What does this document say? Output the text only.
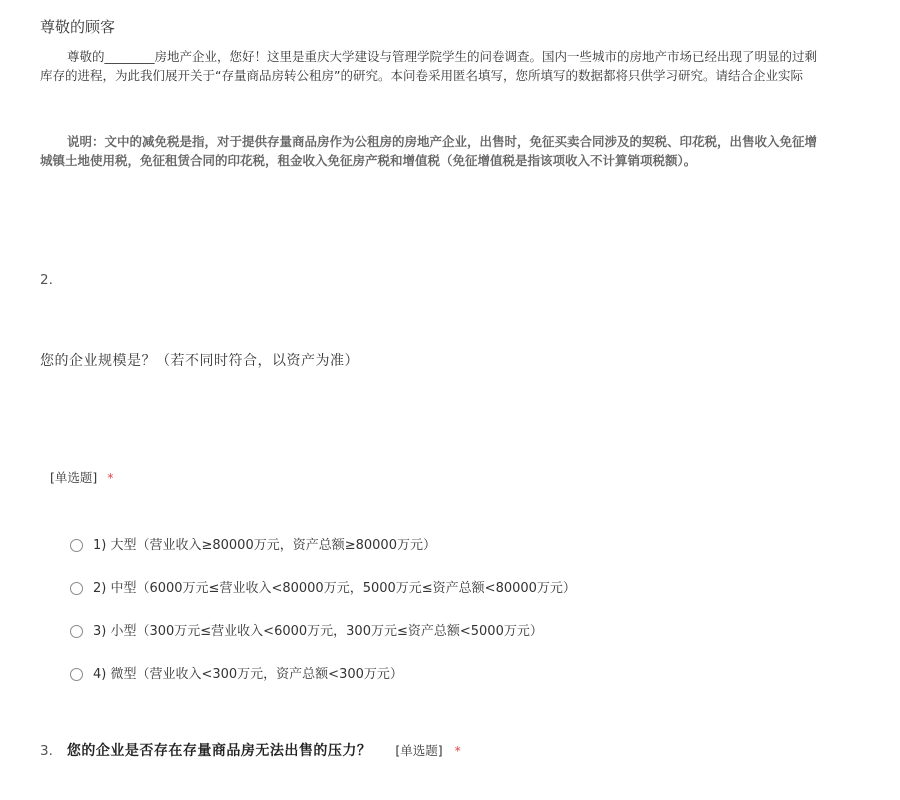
尊敬的顾客
尊敬的________房地产企业，您好！这里是重庆大学建设与管理学院学生的问卷调查。国内一些城市的房地产市场已经出现了明显的过剩
库存的进程，为此我们展开关于“存量商品房转公租房”的研究。本问卷采用匿名填写，您所填写的数据都将只供学习研究。请结合企业实际
说明：文中的减免税是指，对于提供存量商品房作为公租房的房地产企业，出售时，免征买卖合同涉及的契税、印花税，出售收入免征增
城镇土地使用税，免征租赁合同的印花税，租金收入免征房产税和增值税（免征增值税是指该项收入不计算销项税额）。
2.
您的企业规模是？（若不同时符合，以资产为准）
[单选题] *
1) 大型（营业收入≥80000万元，资产总额≥80000万元）
2) 中型（6000万元≤营业收入<80000万元，5000万元≤资产总额<80000万元）
3) 小型（300万元≤营业收入<6000万元，300万元≤资产总额<5000万元）
4) 微型（营业收入<300万元，资产总额<300万元）
3. 您的企业是否存在存量商品房无法出售的压力？ [单选题] *
